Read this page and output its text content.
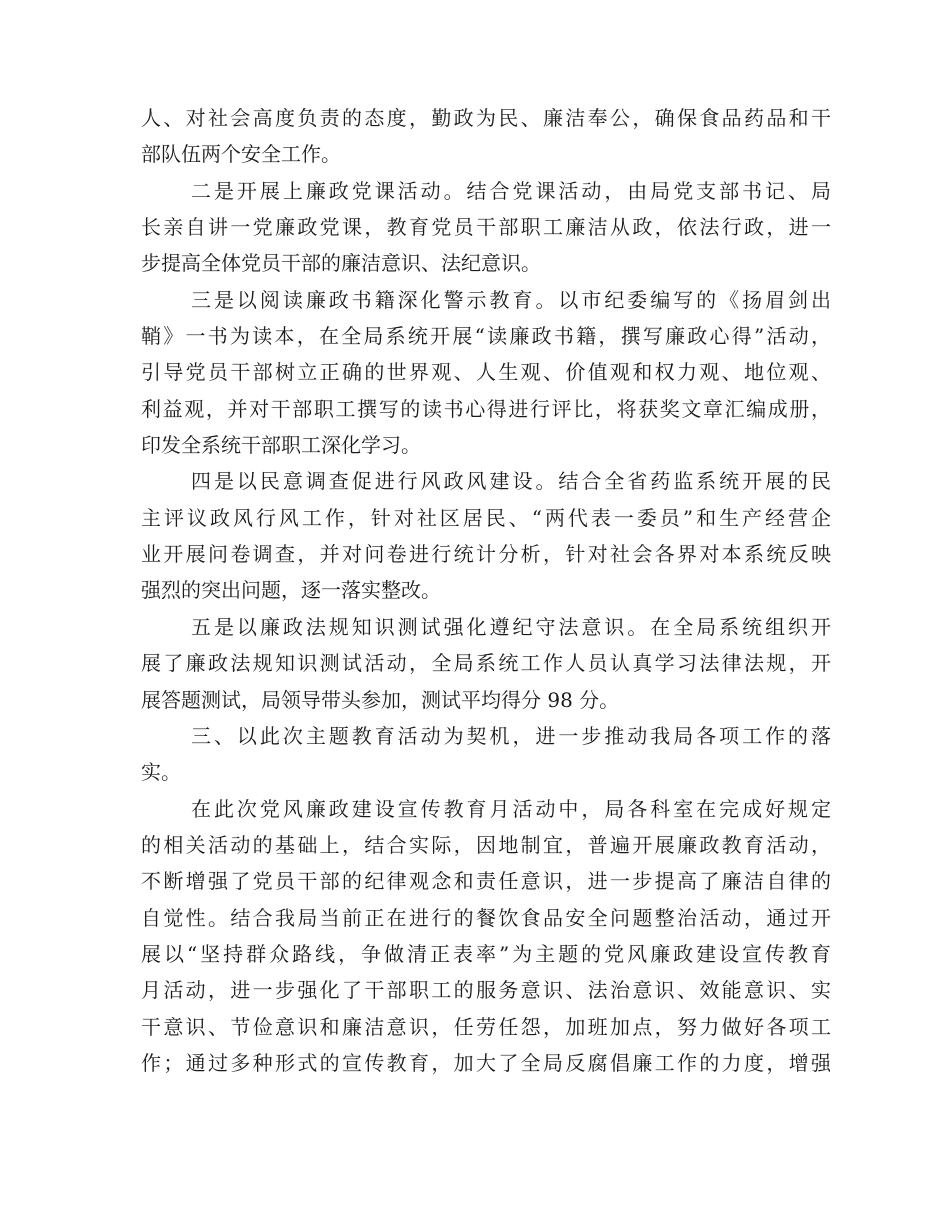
人、对社会高度负责的态度，勤政为民、廉洁奉公，确保食品药品和干
部队伍两个安全工作。
二是开展上廉政党课活动。结合党课活动，由局党支部书记、局
长亲自讲一党廉政党课，教育党员干部职工廉洁从政，依法行政，进一
步提高全体党员干部的廉洁意识、法纪意识。
三是以阅读廉政书籍深化警示教育。以市纪委编写的《扬眉剑出
鞘》一书为读本，在全局系统开展“读廉政书籍，撰写廉政心得”活动，
引导党员干部树立正确的世界观、人生观、价值观和权力观、地位观、
利益观，并对干部职工撰写的读书心得进行评比，将获奖文章汇编成册，
印发全系统干部职工深化学习。
四是以民意调查促进行风政风建设。结合全省药监系统开展的民
主评议政风行风工作，针对社区居民、“两代表一委员”和生产经营企
业开展问卷调查，并对问卷进行统计分析，针对社会各界对本系统反映
强烈的突出问题，逐一落实整改。
五是以廉政法规知识测试强化遵纪守法意识。在全局系统组织开
展了廉政法规知识测试活动，全局系统工作人员认真学习法律法规，开
展答题测试，局领导带头参加，测试平均得分 98 分。
三、以此次主题教育活动为契机，进一步推动我局各项工作的落
实。
在此次党风廉政建设宣传教育月活动中，局各科室在完成好规定
的相关活动的基础上，结合实际，因地制宜，普遍开展廉政教育活动，
不断增强了党员干部的纪律观念和责任意识，进一步提高了廉洁自律的
自觉性。结合我局当前正在进行的餐饮食品安全问题整治活动，通过开
展以“坚持群众路线，争做清正表率”为主题的党风廉政建设宣传教育
月活动，进一步强化了干部职工的服务意识、法治意识、效能意识、实
干意识、节俭意识和廉洁意识，任劳任怨，加班加点，努力做好各项工
作；通过多种形式的宣传教育，加大了全局反腐倡廉工作的力度，增强
